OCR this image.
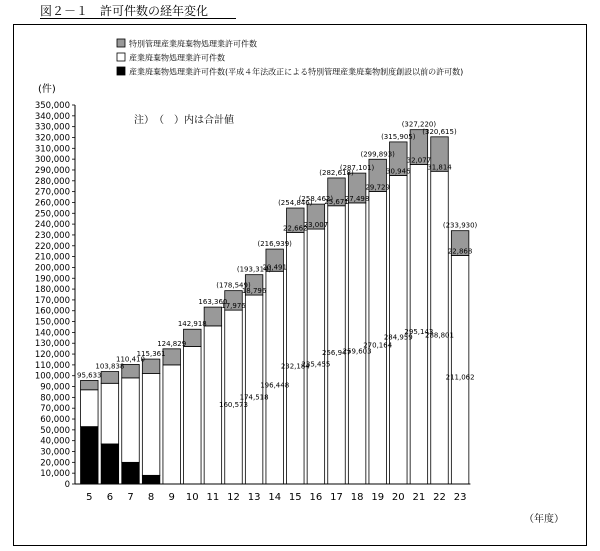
図２－１　許可件数の経年変化
特別管理産業廃棄物処理業許可件数
産業廃棄物処理業許可件数
産業廃棄物処理業許可件数(平成４年法改正による特別管理産業廃棄物制度創設以前の許可数)
(件)
注）　（　）内は合計値
0
10,000
20,000
30,000
40,000
50,000
60,000
70,000
80,000
90,000
100,000
110,000
120,000
130,000
140,000
150,000
160,000
170,000
180,000
190,000
200,000
210,000
220,000
230,000
240,000
250,000
260,000
270,000
280,000
290,000
300,000
310,000
320,000
330,000
340,000
350,000
95,633
103,838
110,410
115,361
124,829
142,918
163,360
(178,549)
17,976
160,573
(193,314)
18,796
174,518
(216,939)
20,491
196,448
(254,846)
22,662
232,184
(258,462)
23,007
235,455
(282,618)
25,671
256,947
(287,101)
27,498
259,603
(299,893)
29,729
270,164
(315,905)
30,946
284,959
(327,220)
32,077
295,143
(320,615)
31,814
288,801
(233,930)
22,868
211,062
5 6 7 8 9 10 11 12 13 14 15 16 17 18 19 20 21 22 23
（年度）
